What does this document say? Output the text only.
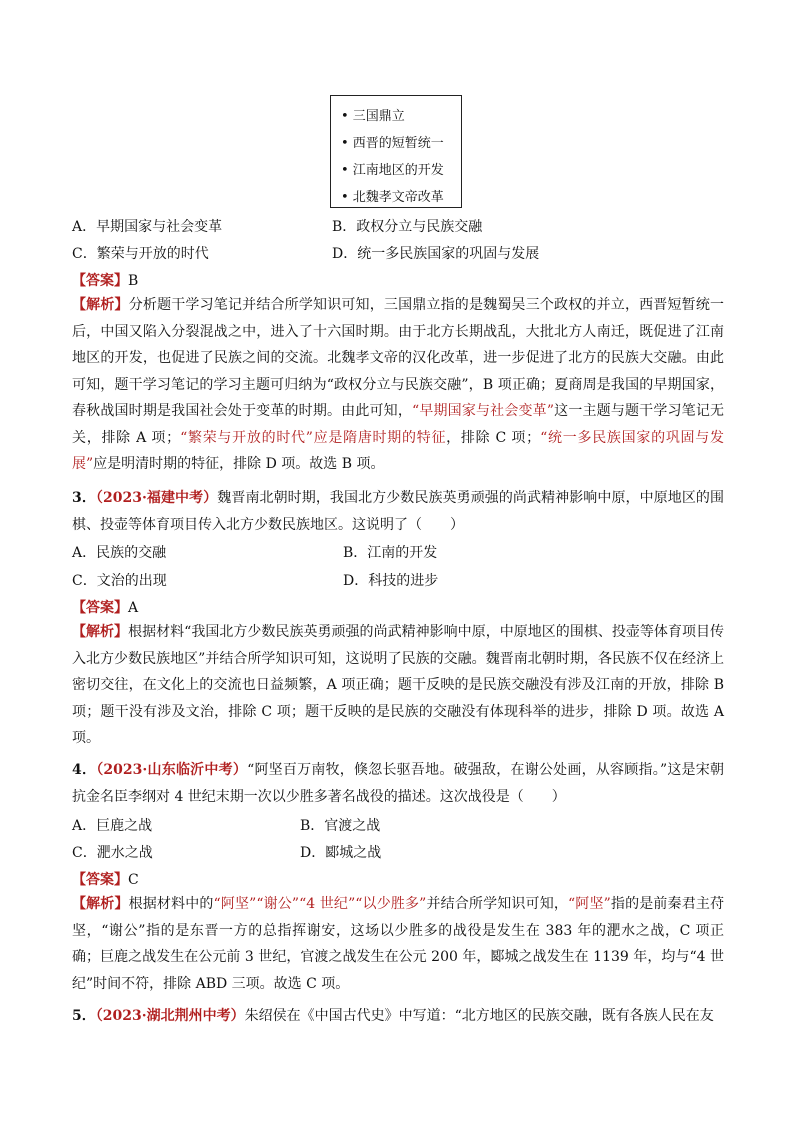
• 三国鼎立
• 西晋的短暂统一
• 江南地区的开发
• 北魏孝文帝改革
A．早期国家与社会变革	B．政权分立与民族交融
C．繁荣与开放的时代	D．统一多民族国家的巩固与发展
【答案】B
【解析】分析题干学习笔记并结合所学知识可知，三国鼎立指的是魏蜀吴三个政权的并立，西晋短暂统一后，中国又陷入分裂混战之中，进入了十六国时期。由于北方长期战乱，大批北方人南迁，既促进了江南地区的开发，也促进了民族之间的交流。北魏孝文帝的汉化改革，进一步促进了北方的民族大交融。由此可知，题干学习笔记的学习主题可归纳为“政权分立与民族交融”，B 项正确；夏商周是我国的早期国家，春秋战国时期是我国社会处于变革的时期。由此可知，“早期国家与社会变革”这一主题与题干学习笔记无关，排除 A 项；“繁荣与开放的时代”应是隋唐时期的特征，排除 C 项；“统一多民族国家的巩固与发展”应是明清时期的特征，排除 D 项。故选 B 项。
3．（2023·福建中考）魏晋南北朝时期，我国北方少数民族英勇顽强的尚武精神影响中原，中原地区的围棋、投壶等体育项目传入北方少数民族地区。这说明了（　　）
A．民族的交融	B．江南的开发
C．文治的出现	D．科技的进步
【答案】A
【解析】根据材料“我国北方少数民族英勇顽强的尚武精神影响中原，中原地区的围棋、投壶等体育项目传入北方少数民族地区”并结合所学知识可知，这说明了民族的交融。魏晋南北朝时期，各民族不仅在经济上密切交往，在文化上的交流也日益频繁，A 项正确；题干反映的是民族交融没有涉及江南的开放，排除 B 项；题干没有涉及文治，排除 C 项；题干反映的是民族的交融没有体现科举的进步，排除 D 项。故选 A 项。
4．（2023·山东临沂中考）“阿坚百万南牧，倏忽长驱吾地。破强敌，在谢公处画，从容顾指。”这是宋朝抗金名臣李纲对 4 世纪末期一次以少胜多著名战役的描述。这次战役是（　　）
A．巨鹿之战	B．官渡之战
C．淝水之战	D．郾城之战
【答案】C
【解析】根据材料中的“阿坚”“谢公”“4 世纪”“以少胜多”并结合所学知识可知，“阿坚”指的是前秦君主苻坚，“谢公”指的是东晋一方的总指挥谢安，这场以少胜多的战役是发生在 383 年的淝水之战，C 项正确；巨鹿之战发生在公元前 3 世纪，官渡之战发生在公元 200 年，郾城之战发生在 1139 年，均与“4 世纪”时间不符，排除 ABD 三项。故选 C 项。
5．（2023·湖北荆州中考）朱绍侯在《中国古代史》中写道：“北方地区的民族交融，既有各族人民在友
